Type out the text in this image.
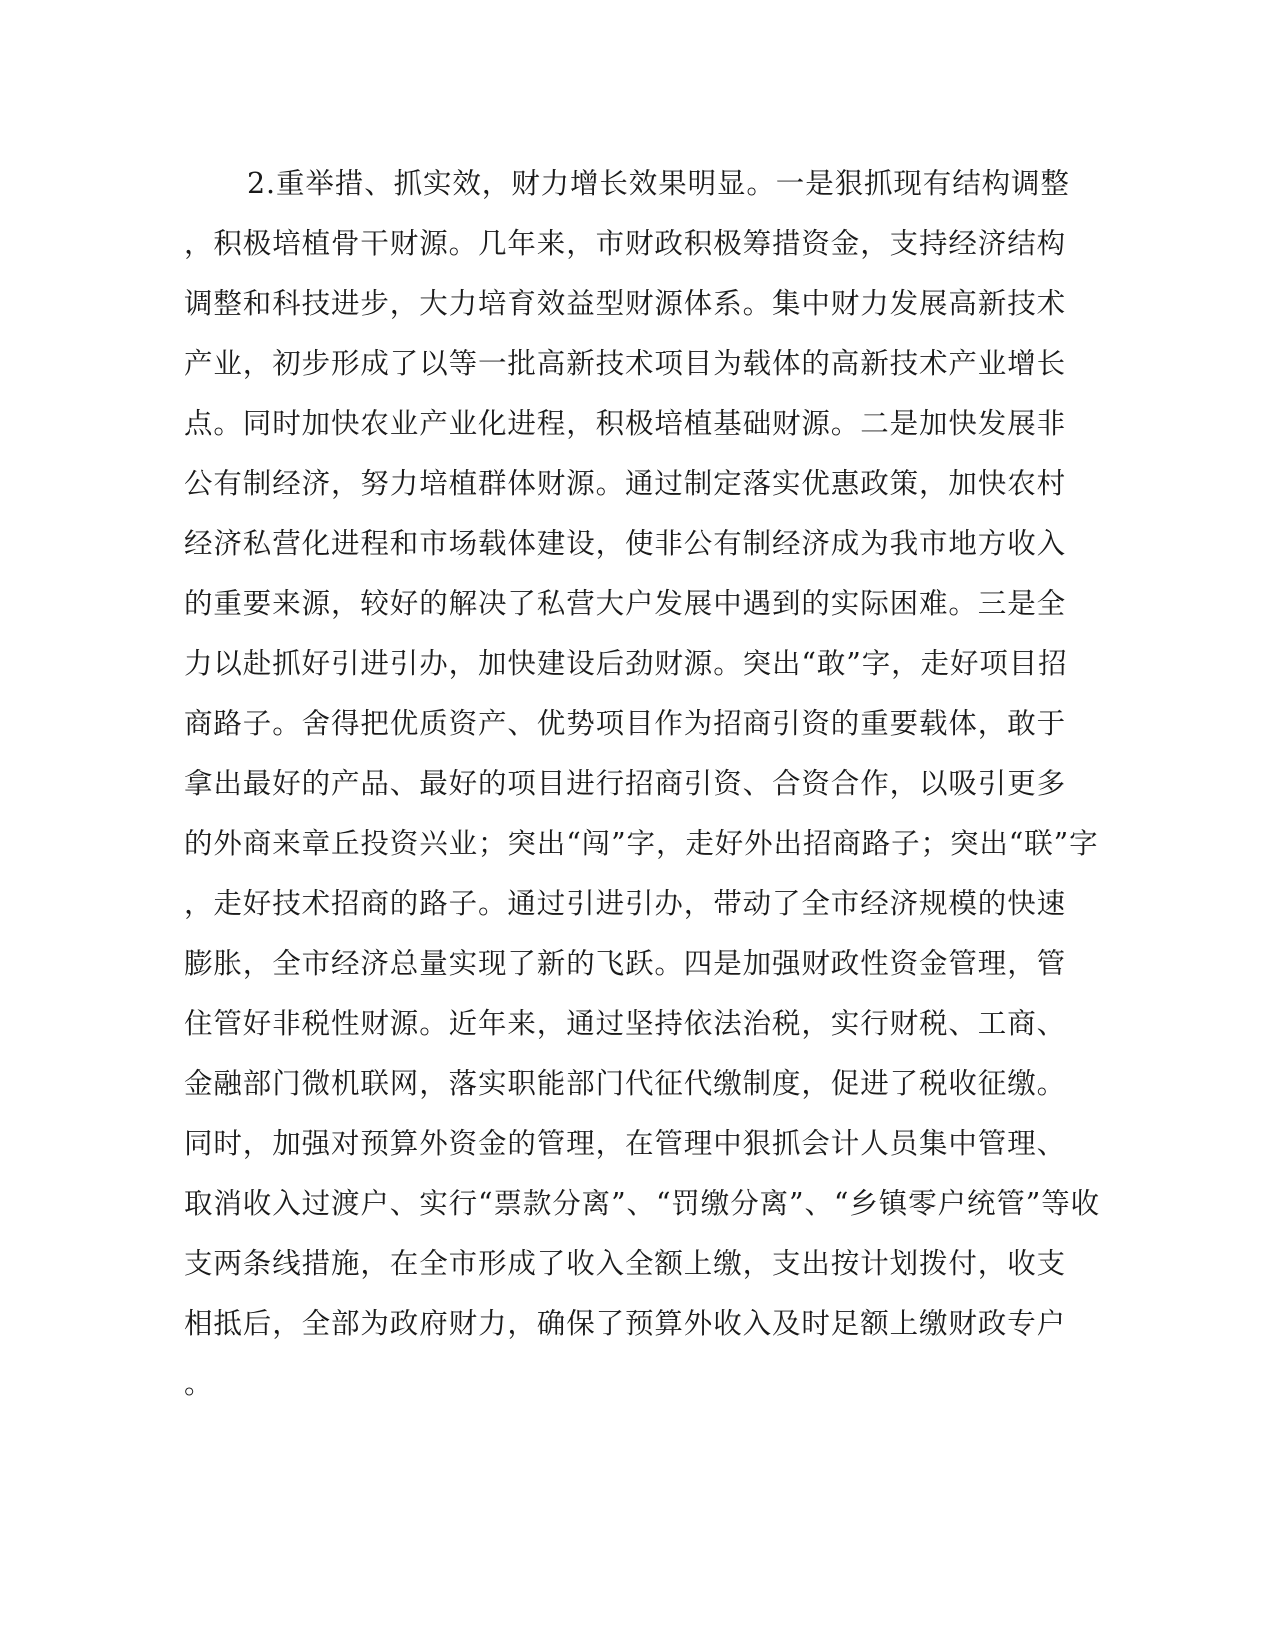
2.重举措、抓实效，财力增长效果明显。一是狠抓现有结构调整
，积极培植骨干财源。几年来，市财政积极筹措资金，支持经济结构
调整和科技进步，大力培育效益型财源体系。集中财力发展高新技术
产业，初步形成了以等一批高新技术项目为载体的高新技术产业增长
点。同时加快农业产业化进程，积极培植基础财源。二是加快发展非
公有制经济，努力培植群体财源。通过制定落实优惠政策，加快农村
经济私营化进程和市场载体建设，使非公有制经济成为我市地方收入
的重要来源，较好的解决了私营大户发展中遇到的实际困难。三是全
力以赴抓好引进引办，加快建设后劲财源。突出“敢”字，走好项目招
商路子。舍得把优质资产、优势项目作为招商引资的重要载体，敢于
拿出最好的产品、最好的项目进行招商引资、合资合作，以吸引更多
的外商来章丘投资兴业；突出“闯”字，走好外出招商路子；突出“联”字
，走好技术招商的路子。通过引进引办，带动了全市经济规模的快速
膨胀，全市经济总量实现了新的飞跃。四是加强财政性资金管理，管
住管好非税性财源。近年来，通过坚持依法治税，实行财税、工商、
金融部门微机联网，落实职能部门代征代缴制度，促进了税收征缴。
同时，加强对预算外资金的管理，在管理中狠抓会计人员集中管理、
取消收入过渡户、实行“票款分离”、“罚缴分离”、“乡镇零户统管”等收
支两条线措施，在全市形成了收入全额上缴，支出按计划拨付，收支
相抵后，全部为政府财力，确保了预算外收入及时足额上缴财政专户
。
